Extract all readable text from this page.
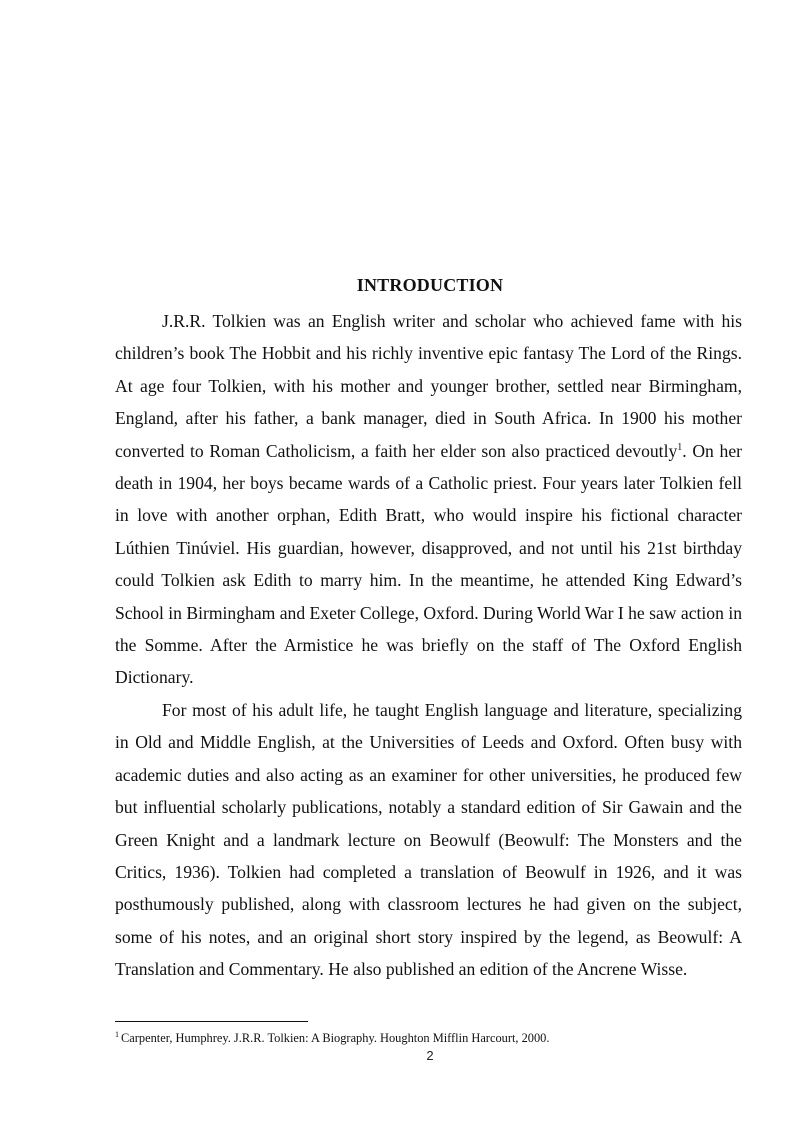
INTRODUCTION

J.R.R. Tolkien was an English writer and scholar who achieved fame with his children’s book The Hobbit and his richly inventive epic fantasy The Lord of the Rings. At age four Tolkien, with his mother and younger brother, settled near Birmingham, England, after his father, a bank manager, died in South Africa. In 1900 his mother converted to Roman Catholicism, a faith her elder son also practiced devoutly$^1$. On her death in 1904, her boys became wards of a Catholic priest. Four years later Tolkien fell in love with another orphan, Edith Bratt, who would inspire his fictional character Lúthien Tinúviel. His guardian, however, disapproved, and not until his 21st birthday could Tolkien ask Edith to marry him. In the meantime, he attended King Edward’s School in Birmingham and Exeter College, Oxford. During World War I he saw action in the Somme. After the Armistice he was briefly on the staff of The Oxford English Dictionary.

For most of his adult life, he taught English language and literature, specializing in Old and Middle English, at the Universities of Leeds and Oxford. Often busy with academic duties and also acting as an examiner for other universities, he produced few but influential scholarly publications, notably a standard edition of Sir Gawain and the Green Knight and a landmark lecture on Beowulf (Beowulf: The Monsters and the Critics, 1936). Tolkien had completed a translation of Beowulf in 1926, and it was posthumously published, along with classroom lectures he had given on the subject, some of his notes, and an original short story inspired by the legend, as Beowulf: A Translation and Commentary. He also published an edition of the Ancrene Wisse.

$^1$ Carpenter, Humphrey. J.R.R. Tolkien: A Biography. Houghton Mifflin Harcourt, 2000.
2
